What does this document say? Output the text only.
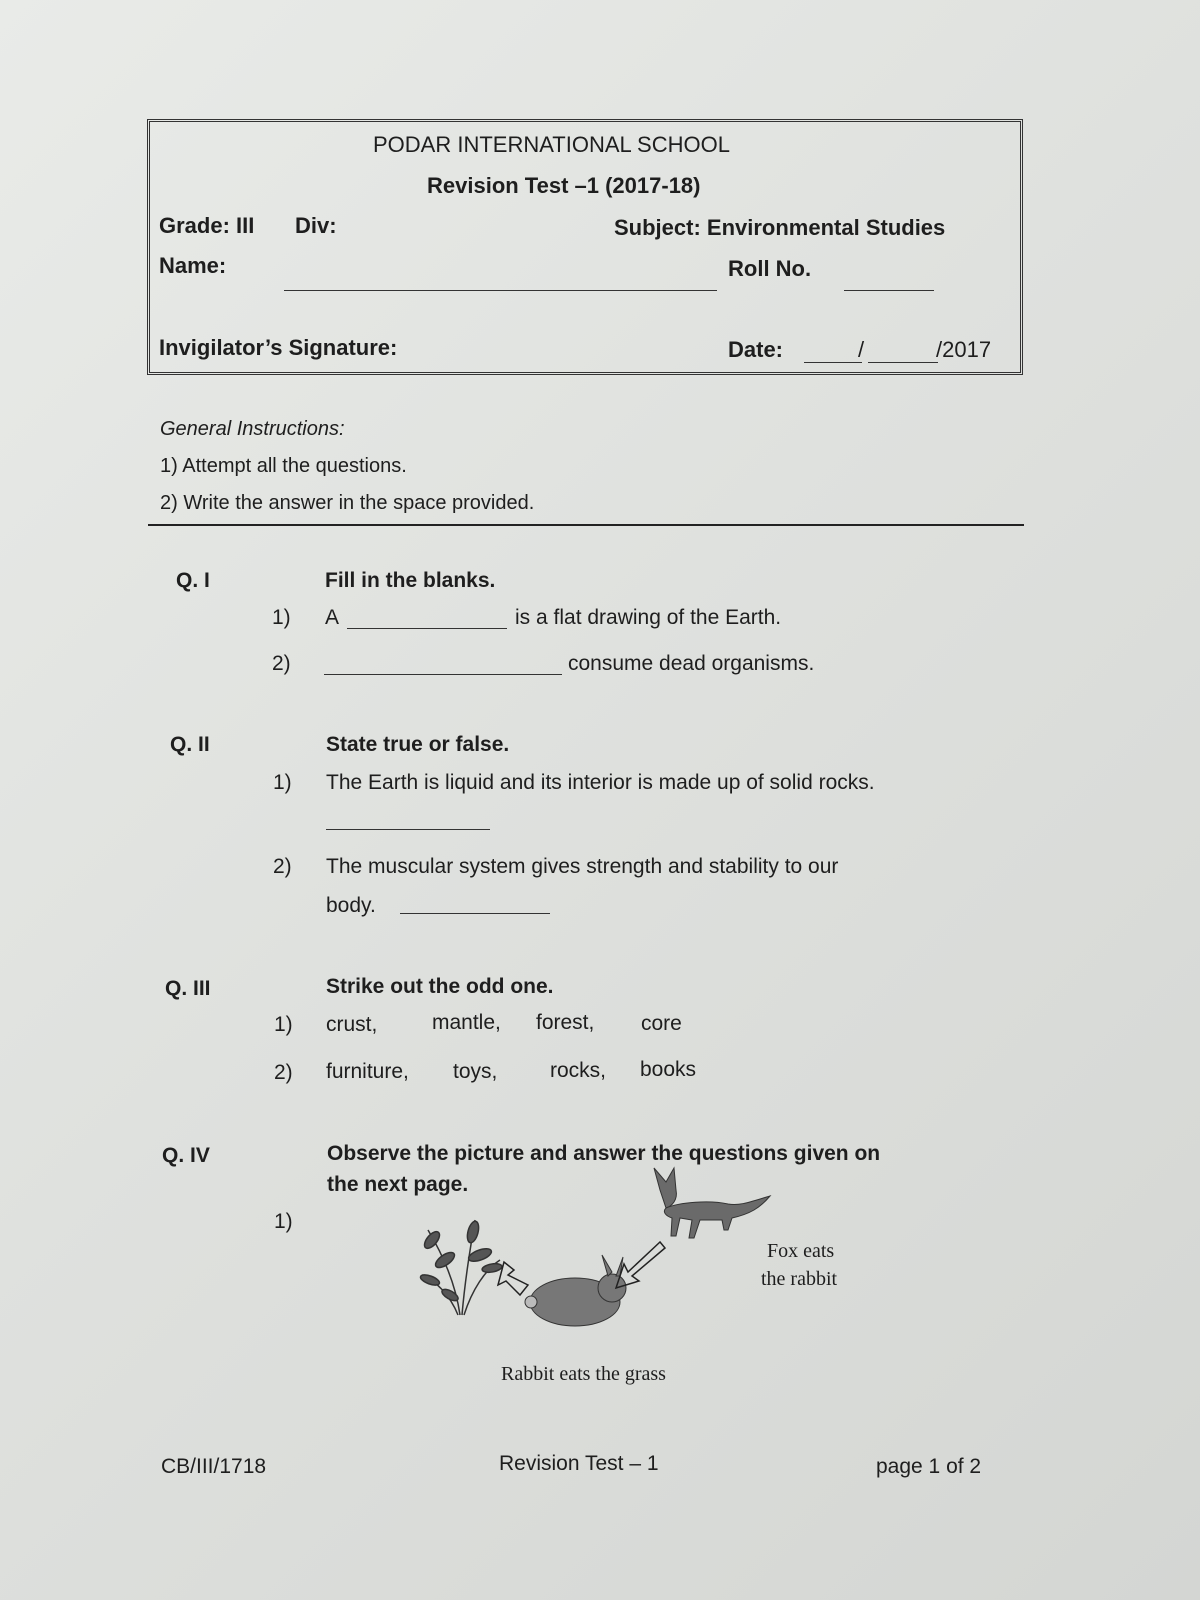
PODAR INTERNATIONAL SCHOOL
Revision Test –1 (2017-18)
Grade: III Div:	Subject: Environmental Studies
Name:	Roll No.
Invigilator’s Signature:	Date:	/	/2017
General Instructions:
1) Attempt all the questions.
2) Write the answer in the space provided.
Q. I	Fill in the blanks.
1) A	is a flat drawing of the Earth.
2)	consume dead organisms.
Q. II	State true or false.
1) The Earth is liquid and its interior is made up of solid rocks.
2) The muscular system gives strength and stability to our
body.
Q. III	Strike out the odd one.
1) crust,	mantle, forest, core
2) furniture, toys,	rocks, books
Q. IV	Observe the picture and answer the questions given on
the next page.
1)
Fox eats
the rabbit
Rabbit eats the grass
CB/III/1718	Revision Test – 1	page 1 of 2
